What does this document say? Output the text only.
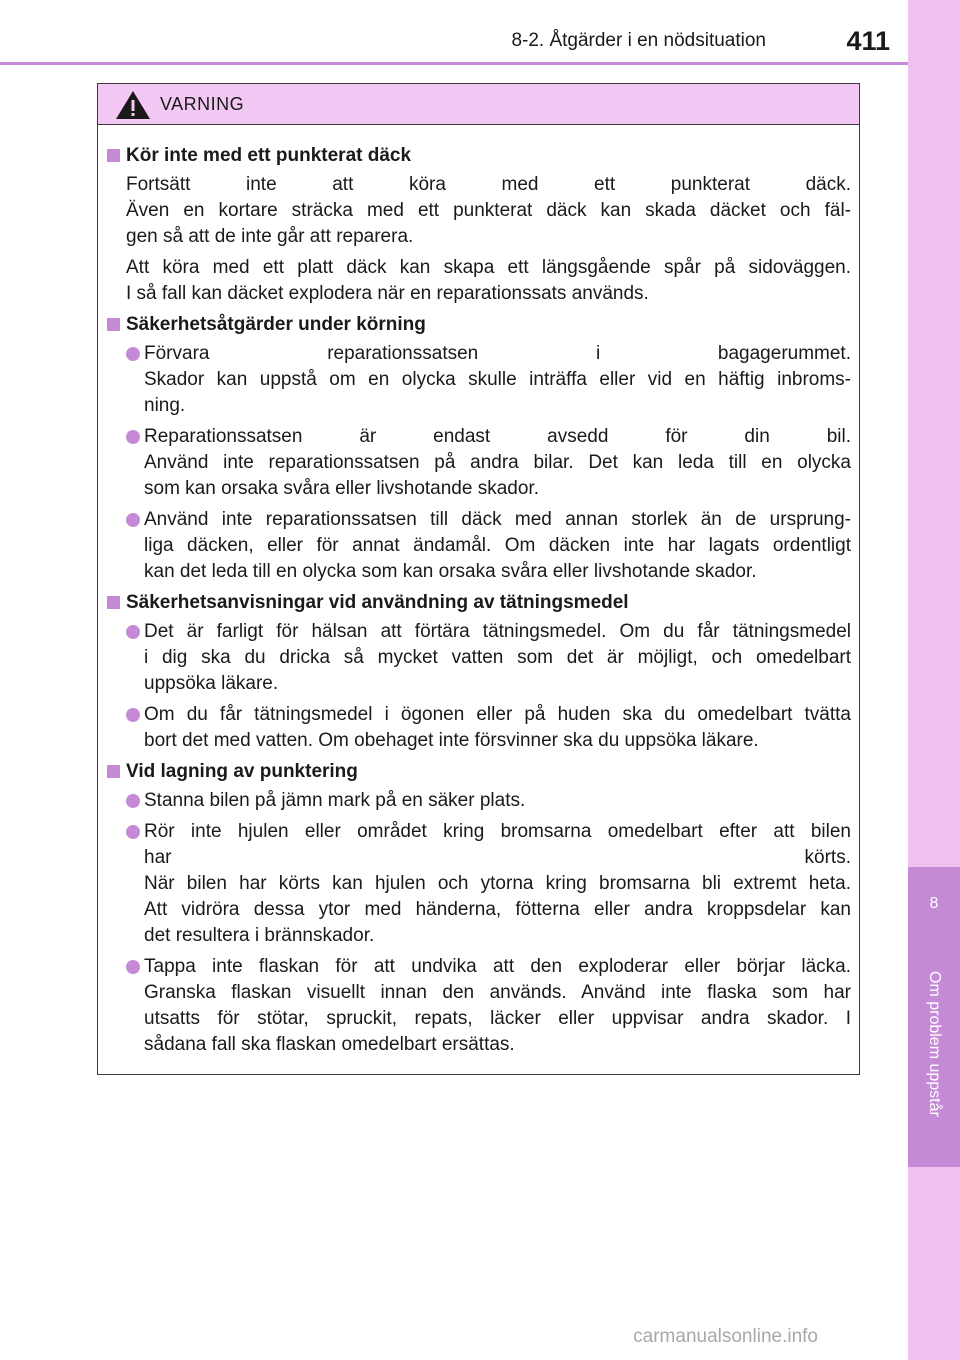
8-2. Åtgärder i en nödsituation	411
8
Om problem uppstår
VARNING
Kör inte med ett punkterat däck
Fortsätt inte att köra med ett punkterat däck.
Även en kortare sträcka med ett punkterat däck kan skada däcket och fäl-
gen så att de inte går att reparera.
Att köra med ett platt däck kan skapa ett längsgående spår på sidoväggen.
I så fall kan däcket explodera när en reparationssats används.
Säkerhetsåtgärder under körning
Förvara reparationssatsen i bagagerummet.
Skador kan uppstå om en olycka skulle inträffa eller vid en häftig inbroms-
ning.
Reparationssatsen är endast avsedd för din bil.
Använd inte reparationssatsen på andra bilar. Det kan leda till en olycka
som kan orsaka svåra eller livshotande skador.
Använd inte reparationssatsen till däck med annan storlek än de ursprung-
liga däcken, eller för annat ändamål. Om däcken inte har lagats ordentligt
kan det leda till en olycka som kan orsaka svåra eller livshotande skador.
Säkerhetsanvisningar vid användning av tätningsmedel
Det är farligt för hälsan att förtära tätningsmedel. Om du får tätningsmedel
i dig ska du dricka så mycket vatten som det är möjligt, och omedelbart
uppsöka läkare.
Om du får tätningsmedel i ögonen eller på huden ska du omedelbart tvätta
bort det med vatten. Om obehaget inte försvinner ska du uppsöka läkare.
Vid lagning av punktering
Stanna bilen på jämn mark på en säker plats.
Rör inte hjulen eller området kring bromsarna omedelbart efter att bilen
har körts.
När bilen har körts kan hjulen och ytorna kring bromsarna bli extremt heta.
Att vidröra dessa ytor med händerna, fötterna eller andra kroppsdelar kan
det resultera i brännskador.
Tappa inte flaskan för att undvika att den exploderar eller börjar läcka.
Granska flaskan visuellt innan den används. Använd inte flaska som har
utsatts för stötar, spruckit, repats, läcker eller uppvisar andra skador. I
sådana fall ska flaskan omedelbart ersättas.
carmanualsonline.info
